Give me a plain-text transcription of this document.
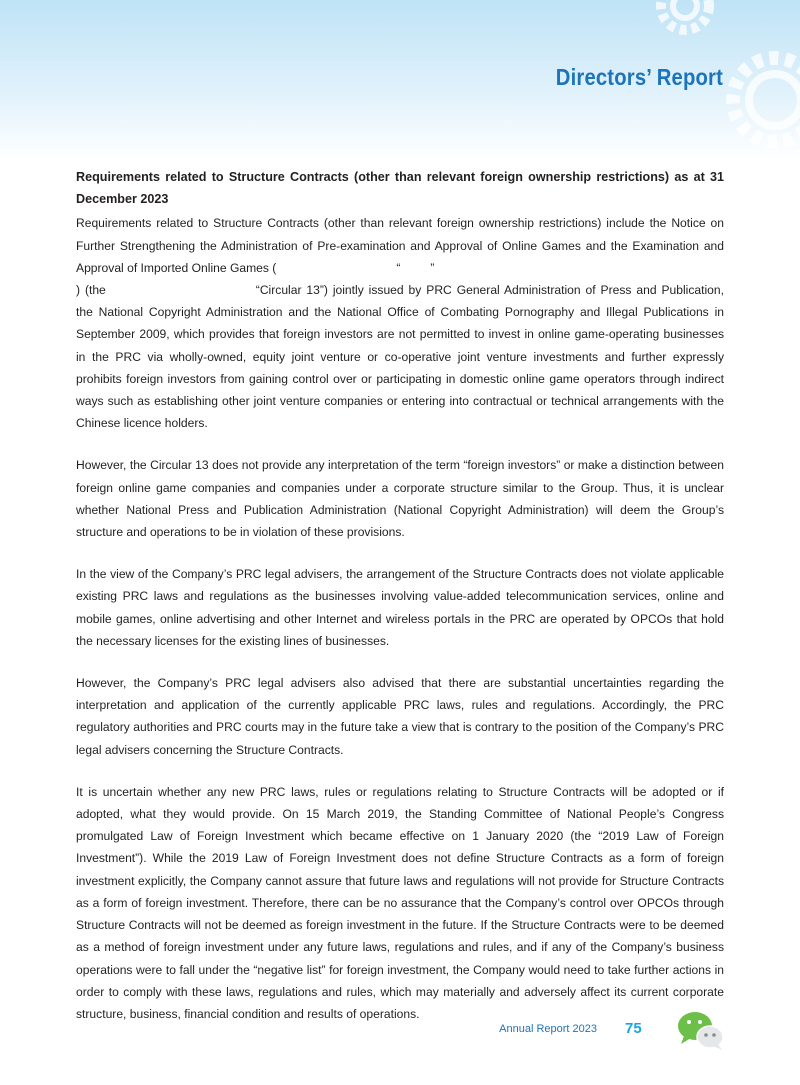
Directors’ Report
Requirements related to Structure Contracts (other than relevant foreign ownership restrictions) as at 31 December 2023
Requirements related to Structure Contracts (other than relevant foreign ownership restrictions) include the Notice on Further Strengthening the Administration of Pre-examination and Approval of Online Games and the Examination and Approval of Imported Online Games (	“ ”
) (the	“Circular 13”) jointly issued by PRC General Administration of Press and Publication, the National Copyright Administration and the National Office of Combating Pornography and Illegal Publications in September 2009, which provides that foreign investors are not permitted to invest in online game-operating businesses in the PRC via wholly-owned, equity joint venture or co-operative joint venture investments and further expressly prohibits foreign investors from gaining control over or participating in domestic online game operators through indirect ways such as establishing other joint venture companies or entering into contractual or technical arrangements with the Chinese licence holders.
However, the Circular 13 does not provide any interpretation of the term “foreign investors” or make a distinction between foreign online game companies and companies under a corporate structure similar to the Group. Thus, it is unclear whether National Press and Publication Administration (National Copyright Administration) will deem the Group’s structure and operations to be in violation of these provisions.
In the view of the Company’s PRC legal advisers, the arrangement of the Structure Contracts does not violate applicable existing PRC laws and regulations as the businesses involving value-added telecommunication services, online and mobile games, online advertising and other Internet and wireless portals in the PRC are operated by OPCOs that hold the necessary licenses for the existing lines of businesses.
However, the Company’s PRC legal advisers also advised that there are substantial uncertainties regarding the interpretation and application of the currently applicable PRC laws, rules and regulations. Accordingly, the PRC regulatory authorities and PRC courts may in the future take a view that is contrary to the position of the Company’s PRC legal advisers concerning the Structure Contracts.
It is uncertain whether any new PRC laws, rules or regulations relating to Structure Contracts will be adopted or if adopted, what they would provide. On 15 March 2019, the Standing Committee of National People’s Congress promulgated Law of Foreign Investment which became effective on 1 January 2020 (the “2019 Law of Foreign Investment”). While the 2019 Law of Foreign Investment does not define Structure Contracts as a form of foreign investment explicitly, the Company cannot assure that future laws and regulations will not provide for Structure Contracts as a form of foreign investment. Therefore, there can be no assurance that the Company’s control over OPCOs through Structure Contracts will not be deemed as foreign investment in the future. If the Structure Contracts were to be deemed as a method of foreign investment under any future laws, regulations and rules, and if any of the Company’s business operations were to fall under the “negative list” for foreign investment, the Company would need to take further actions in order to comply with these laws, regulations and rules, which may materially and adversely affect its current corporate structure, business, financial condition and results of operations.
Annual Report 2023 75
